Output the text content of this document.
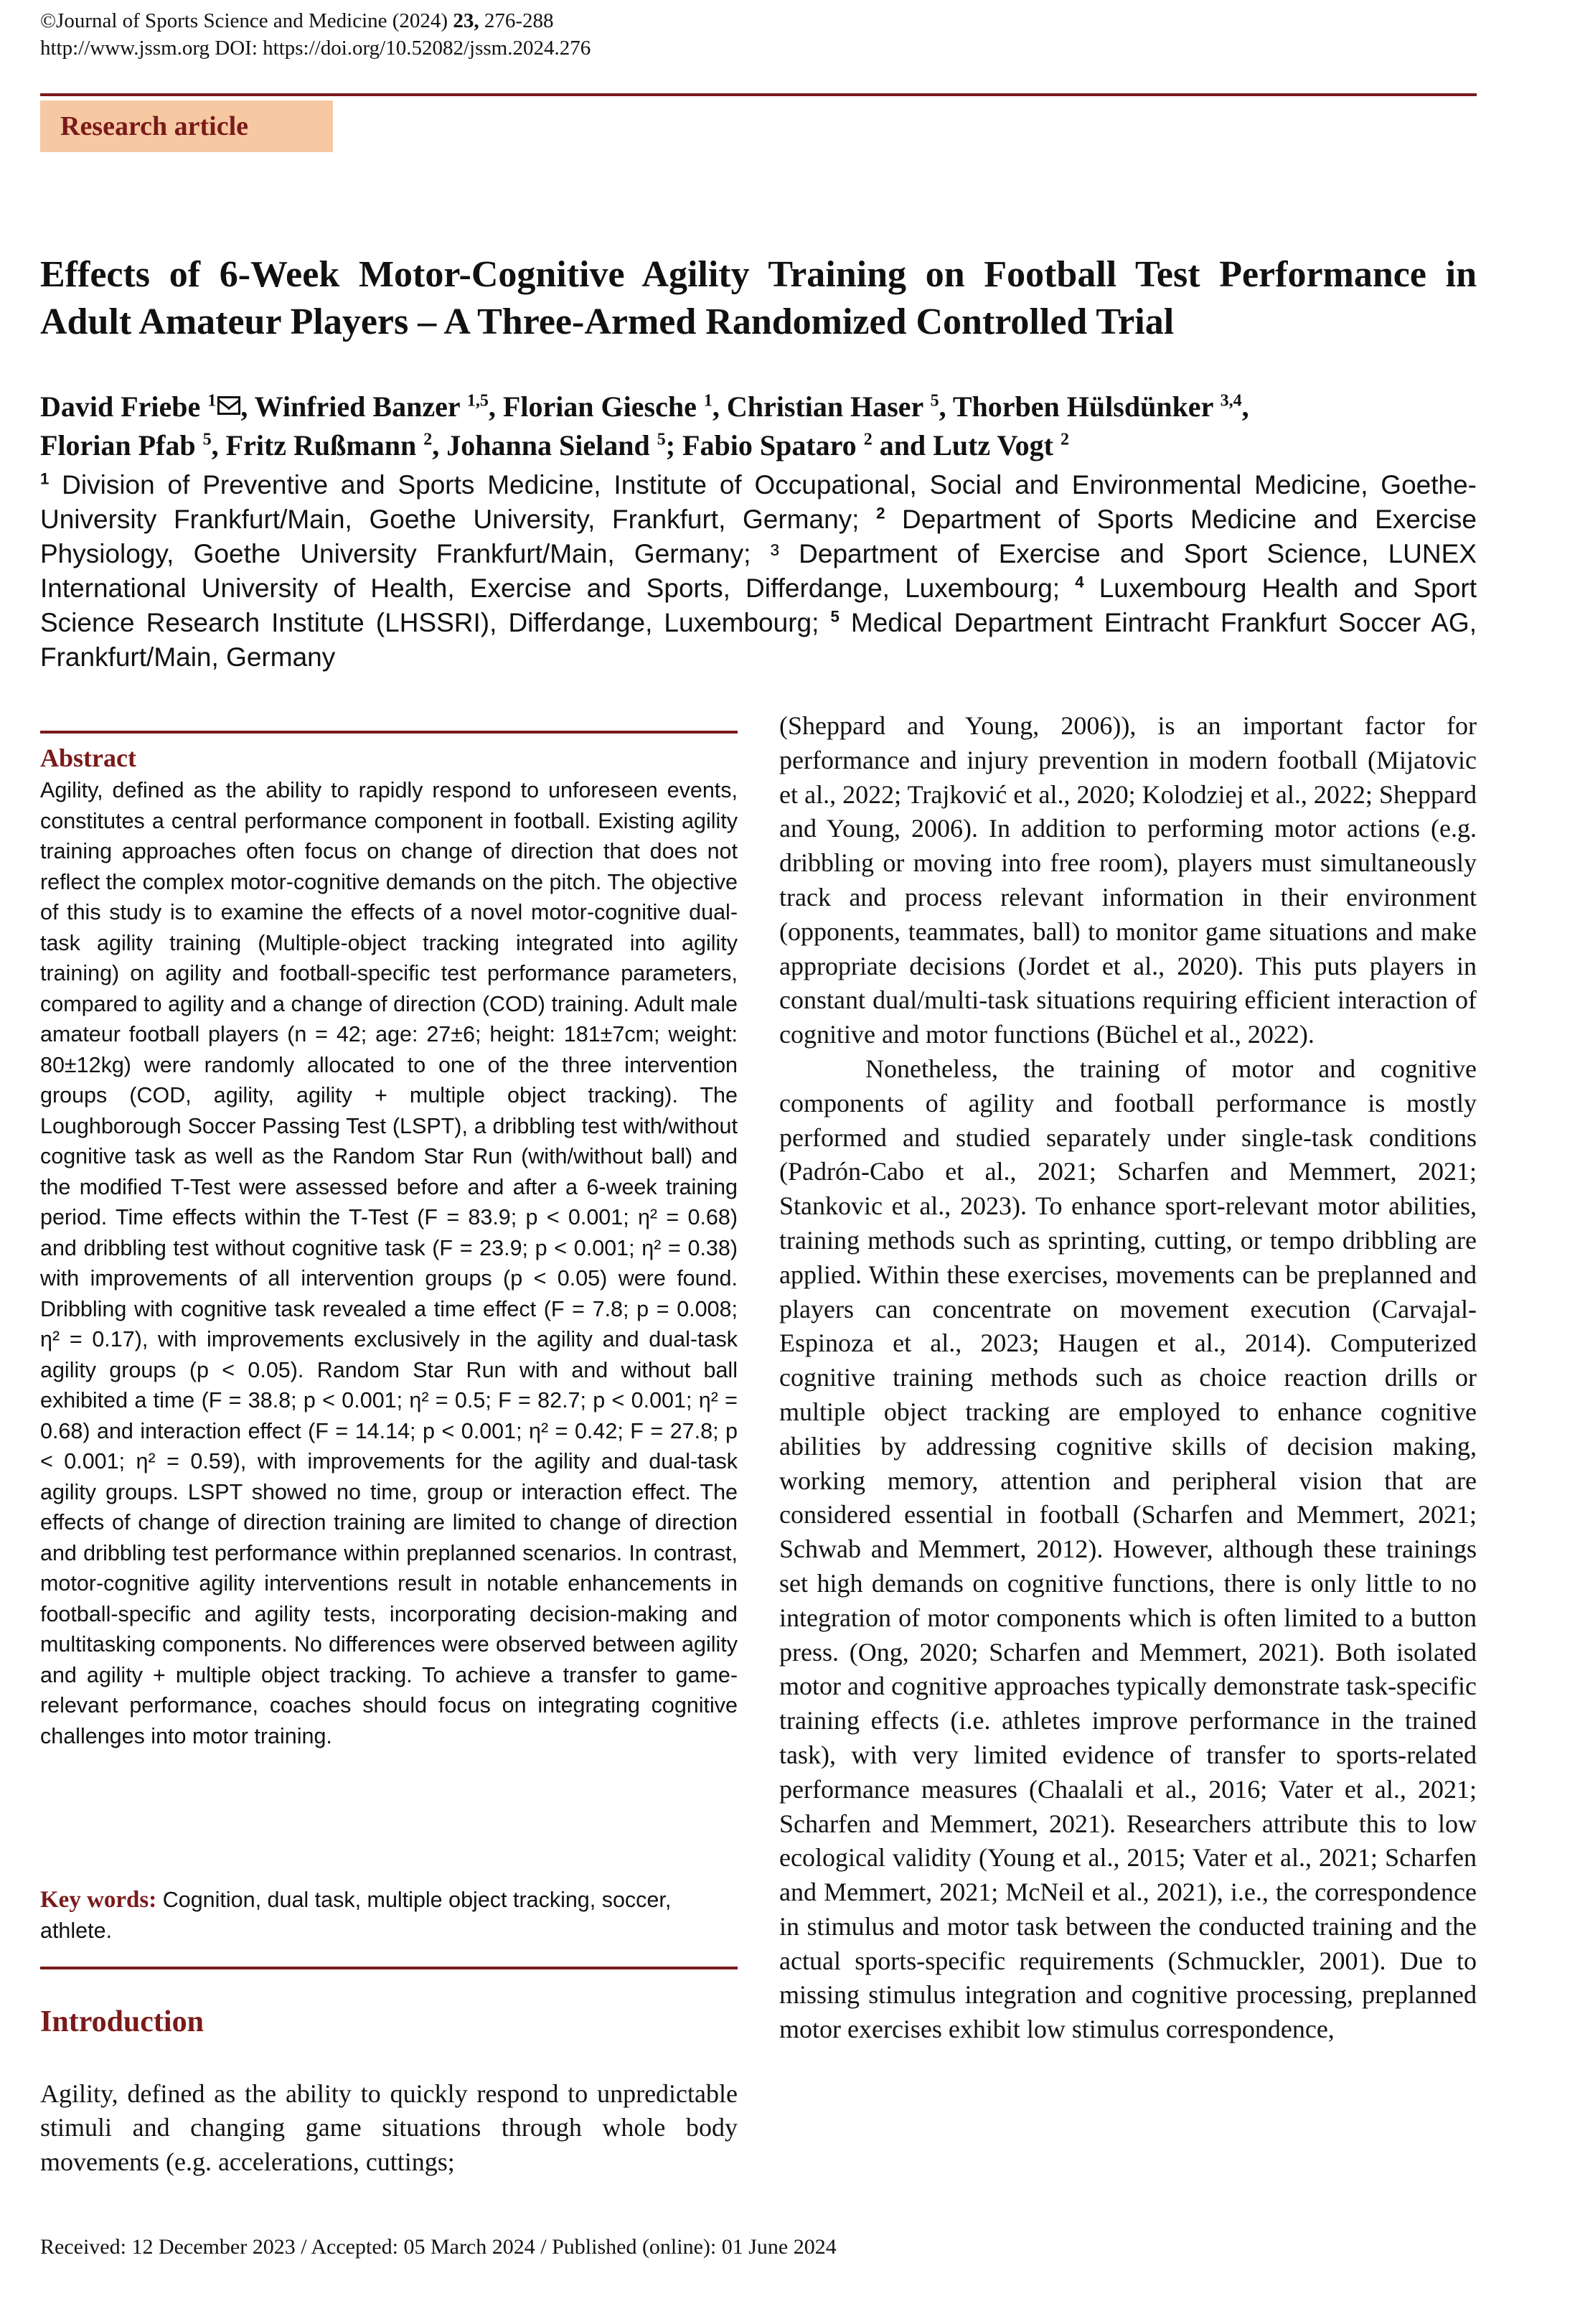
©Journal of Sports Science and Medicine (2024) 23, 276-288
http://www.jssm.org DOI: https://doi.org/10.52082/jssm.2024.276
Research article
Effects of 6-Week Motor-Cognitive Agility Training on Football Test Performance in Adult Amateur Players – A Three-Armed Randomized Controlled Trial
David Friebe $^1$ , Winfried Banzer $^{1,5}$, Florian Giesche $^1$, Christian Haser $^5$, Thorben Hülsdünker $^{3,4}$,
Florian Pfab $^5$, Fritz Rußmann $^2$, Johanna Sieland $^5$; Fabio Spataro $^2$ and Lutz Vogt $^2$
$^1$ Division of Preventive and Sports Medicine, Institute of Occupational, Social and Environmental Medicine, Goethe-University Frankfurt/Main, Goethe University, Frankfurt, Germany; $^2$ Department of Sports Medicine and Exercise Physiology, Goethe University Frankfurt/Main, Germany; ³ Department of Exercise and Sport Science, LUNEX International University of Health, Exercise and Sports, Differdange, Luxembourg; $^4$ Luxembourg Health and Sport Science Research Institute (LHSSRI), Differdange, Luxembourg; $^5$ Medical Department Eintracht Frankfurt Soccer AG, Frankfurt/Main, Germany
Abstract
Agility, defined as the ability to rapidly respond to unforeseen events, constitutes a central performance component in football. Existing agility training approaches often focus on change of direction that does not reflect the complex motor-cognitive demands on the pitch. The objective of this study is to examine the effects of a novel motor-cognitive dual-task agility training (Multiple-object tracking integrated into agility training) on agility and football-specific test performance parameters, compared to agility and a change of direction (COD) training. Adult male amateur football players (n = 42; age: 27±6; height: 181±7cm; weight: 80±12kg) were randomly allocated to one of the three intervention groups (COD, agility, agility + multiple object tracking). The Loughborough Soccer Passing Test (LSPT), a dribbling test with/without cognitive task as well as the Random Star Run (with/without ball) and the modified T-Test were assessed before and after a 6-week training period. Time effects within the T-Test (F = 83.9; p < 0.001; η² = 0.68) and dribbling test without cognitive task (F = 23.9; p < 0.001; η² = 0.38) with improvements of all intervention groups (p < 0.05) were found. Dribbling with cognitive task revealed a time effect (F = 7.8; p = 0.008; η² = 0.17), with improvements exclusively in the agility and dual-task agility groups (p < 0.05). Random Star Run with and without ball exhibited a time (F = 38.8; p < 0.001; η² = 0.5; F = 82.7; p < 0.001; η² = 0.68) and interaction effect (F = 14.14; p < 0.001; η² = 0.42; F = 27.8; p < 0.001; η² = 0.59), with improvements for the agility and dual-task agility groups. LSPT showed no time, group or interaction effect. The effects of change of direction training are limited to change of direction and dribbling test performance within preplanned scenarios. In contrast, motor-cognitive agility interventions result in notable enhancements in football-specific and agility tests, incorporating decision-making and multitasking components. No differences were observed between agility and agility + multiple object tracking. To achieve a transfer to game-relevant performance, coaches should focus on integrating cognitive challenges into motor training.
Key words: Cognition, dual task, multiple object tracking, soccer, athlete.
Introduction
Agility, defined as the ability to quickly respond to unpredictable stimuli and changing game situations through whole body movements (e.g. accelerations, cuttings;

(Sheppard and Young, 2006)), is an important factor for performance and injury prevention in modern football (Mijatovic et al., 2022; Trajković et al., 2020; Kolodziej et al., 2022; Sheppard and Young, 2006). In addition to performing motor actions (e.g. dribbling or moving into free room), players must simultaneously track and process relevant information in their environment (opponents, teammates, ball) to monitor game situations and make appropriate decisions (Jordet et al., 2020). This puts players in constant dual/multi-task situations requiring efficient interaction of cognitive and motor functions (Büchel et al., 2022).

Nonetheless, the training of motor and cognitive components of agility and football performance is mostly performed and studied separately under single-task conditions (Padrón-Cabo et al., 2021; Scharfen and Memmert, 2021; Stankovic et al., 2023). To enhance sport-relevant motor abilities, training methods such as sprinting, cutting, or tempo dribbling are applied. Within these exercises, movements can be preplanned and players can concentrate on movement execution (Carvajal-Espinoza et al., 2023; Haugen et al., 2014). Computerized cognitive training methods such as choice reaction drills or multiple object tracking are employed to enhance cognitive abilities by addressing cognitive skills of decision making, working memory, attention and peripheral vision that are considered essential in football (Scharfen and Memmert, 2021; Schwab and Memmert, 2012). However, although these trainings set high demands on cognitive functions, there is only little to no integration of motor components which is often limited to a button press. (Ong, 2020; Scharfen and Memmert, 2021). Both isolated motor and cognitive approaches typically demonstrate task-specific training effects (i.e. athletes improve performance in the trained task), with very limited evidence of transfer to sports-related performance measures (Chaalali et al., 2016; Vater et al., 2021; Scharfen and Memmert, 2021). Researchers attribute this to low ecological validity (Young et al., 2015; Vater et al., 2021; Scharfen and Memmert, 2021; McNeil et al., 2021), i.e., the correspondence in stimulus and motor task between the conducted training and the actual sports-specific requirements (Schmuckler, 2001). Due to missing stimulus integration and cognitive processing, preplanned motor exercises exhibit low stimulus correspondence,

Received: 12 December 2023 / Accepted: 05 March 2024 / Published (online): 01 June 2024
